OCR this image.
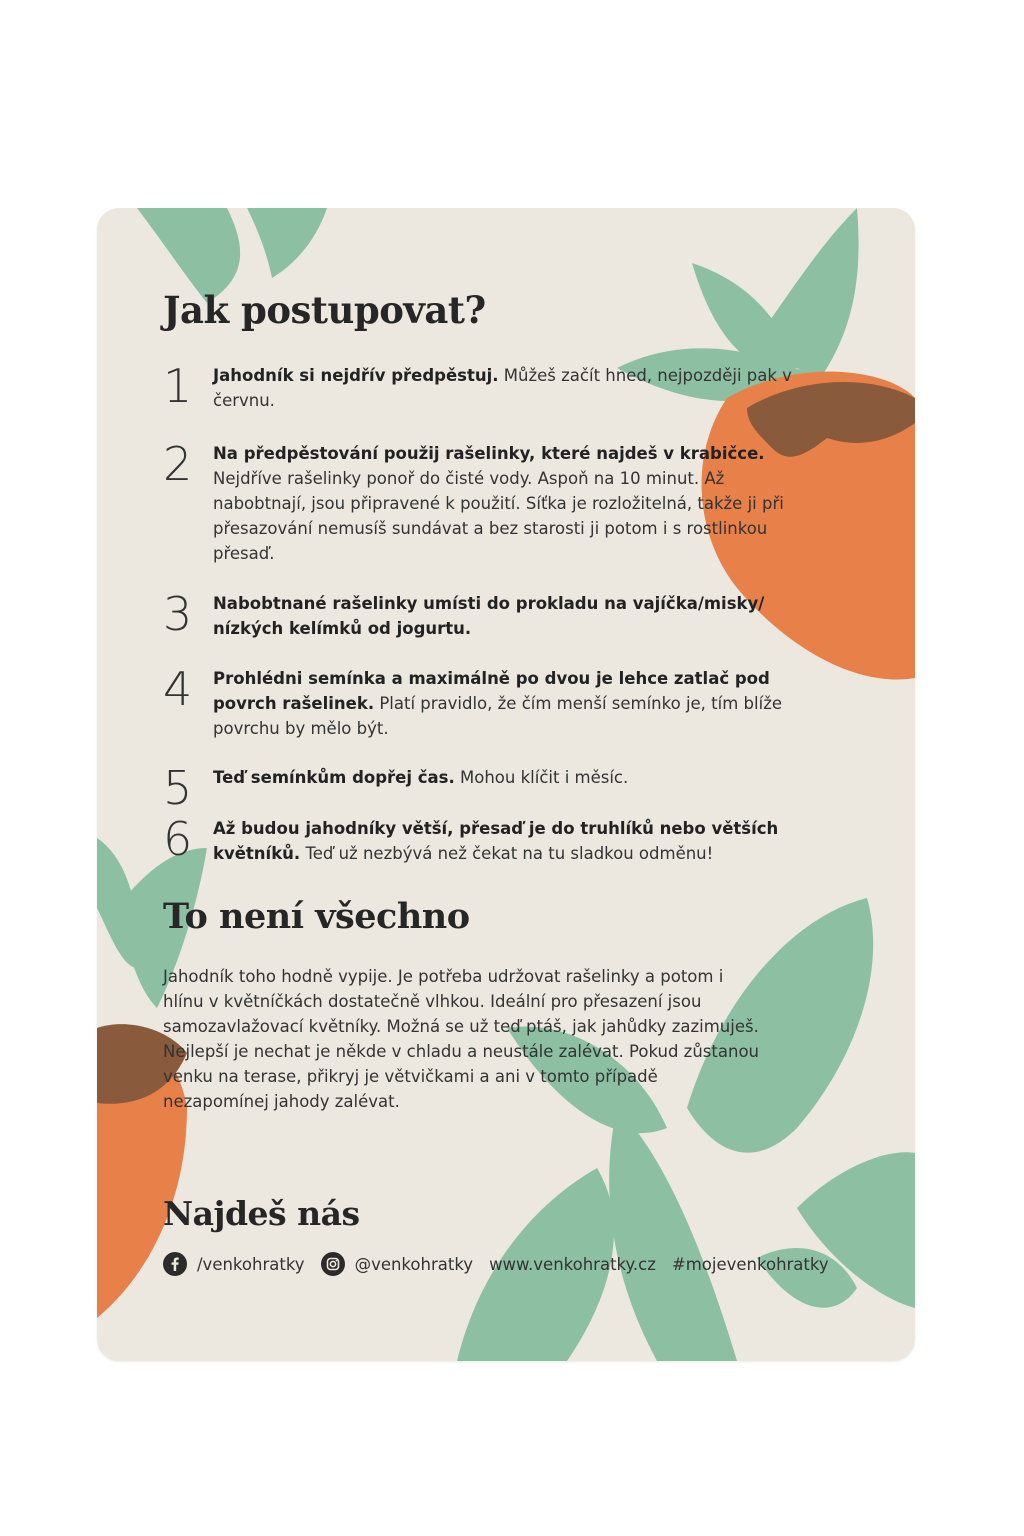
Jak postupovat?
1 Jahodník si nejdřív předpěstuj. Můžeš začít hned, nejpozději pak v červnu.
2 Na předpěstování použij rašelinky, které najdeš v krabičce. Nejdříve rašelinky ponoř do čisté vody. Aspoň na 10 minut. Až nabobtnají, jsou připravené k použití. Síťka je rozložitelná, takže ji při přesazování nemusíš sundávat a bez starosti ji potom i s rostlinkou přesaď.
3 Nabobtnané rašelinky umísti do prokladu na vajíčka/misky/ nízkých kelímků od jogurtu.
4 Prohlédni semínka a maximálně po dvou je lehce zatlač pod povrch rašelinek. Platí pravidlo, že čím menší semínko je, tím blíže povrchu by mělo být.
5 Teď semínkům dopřej čas. Mohou klíčit i měsíc.
6 Až budou jahodníky větší, přesaď je do truhlíků nebo větších květníků. Teď už nezbývá než čekat na tu sladkou odměnu!
To není všechno

Jahodník toho hodně vypije. Je potřeba udržovat rašelinky a potom i hlínu v květníčkách dostatečně vlhkou. Ideální pro přesazení jsou samozavlažovací květníky. Možná se už teď ptáš, jak jahůdky zazimuješ. Nejlepší je nechat je někde v chladu a neustále zalévat. Pokud zůstanou venku na terase, přikryj je větvičkami a ani v tomto případě nezapomínej jahody zalévat.

Najdeš nás
/venkohratky	@venkohratky www.venkohratky.cz #mojevenkohratky
